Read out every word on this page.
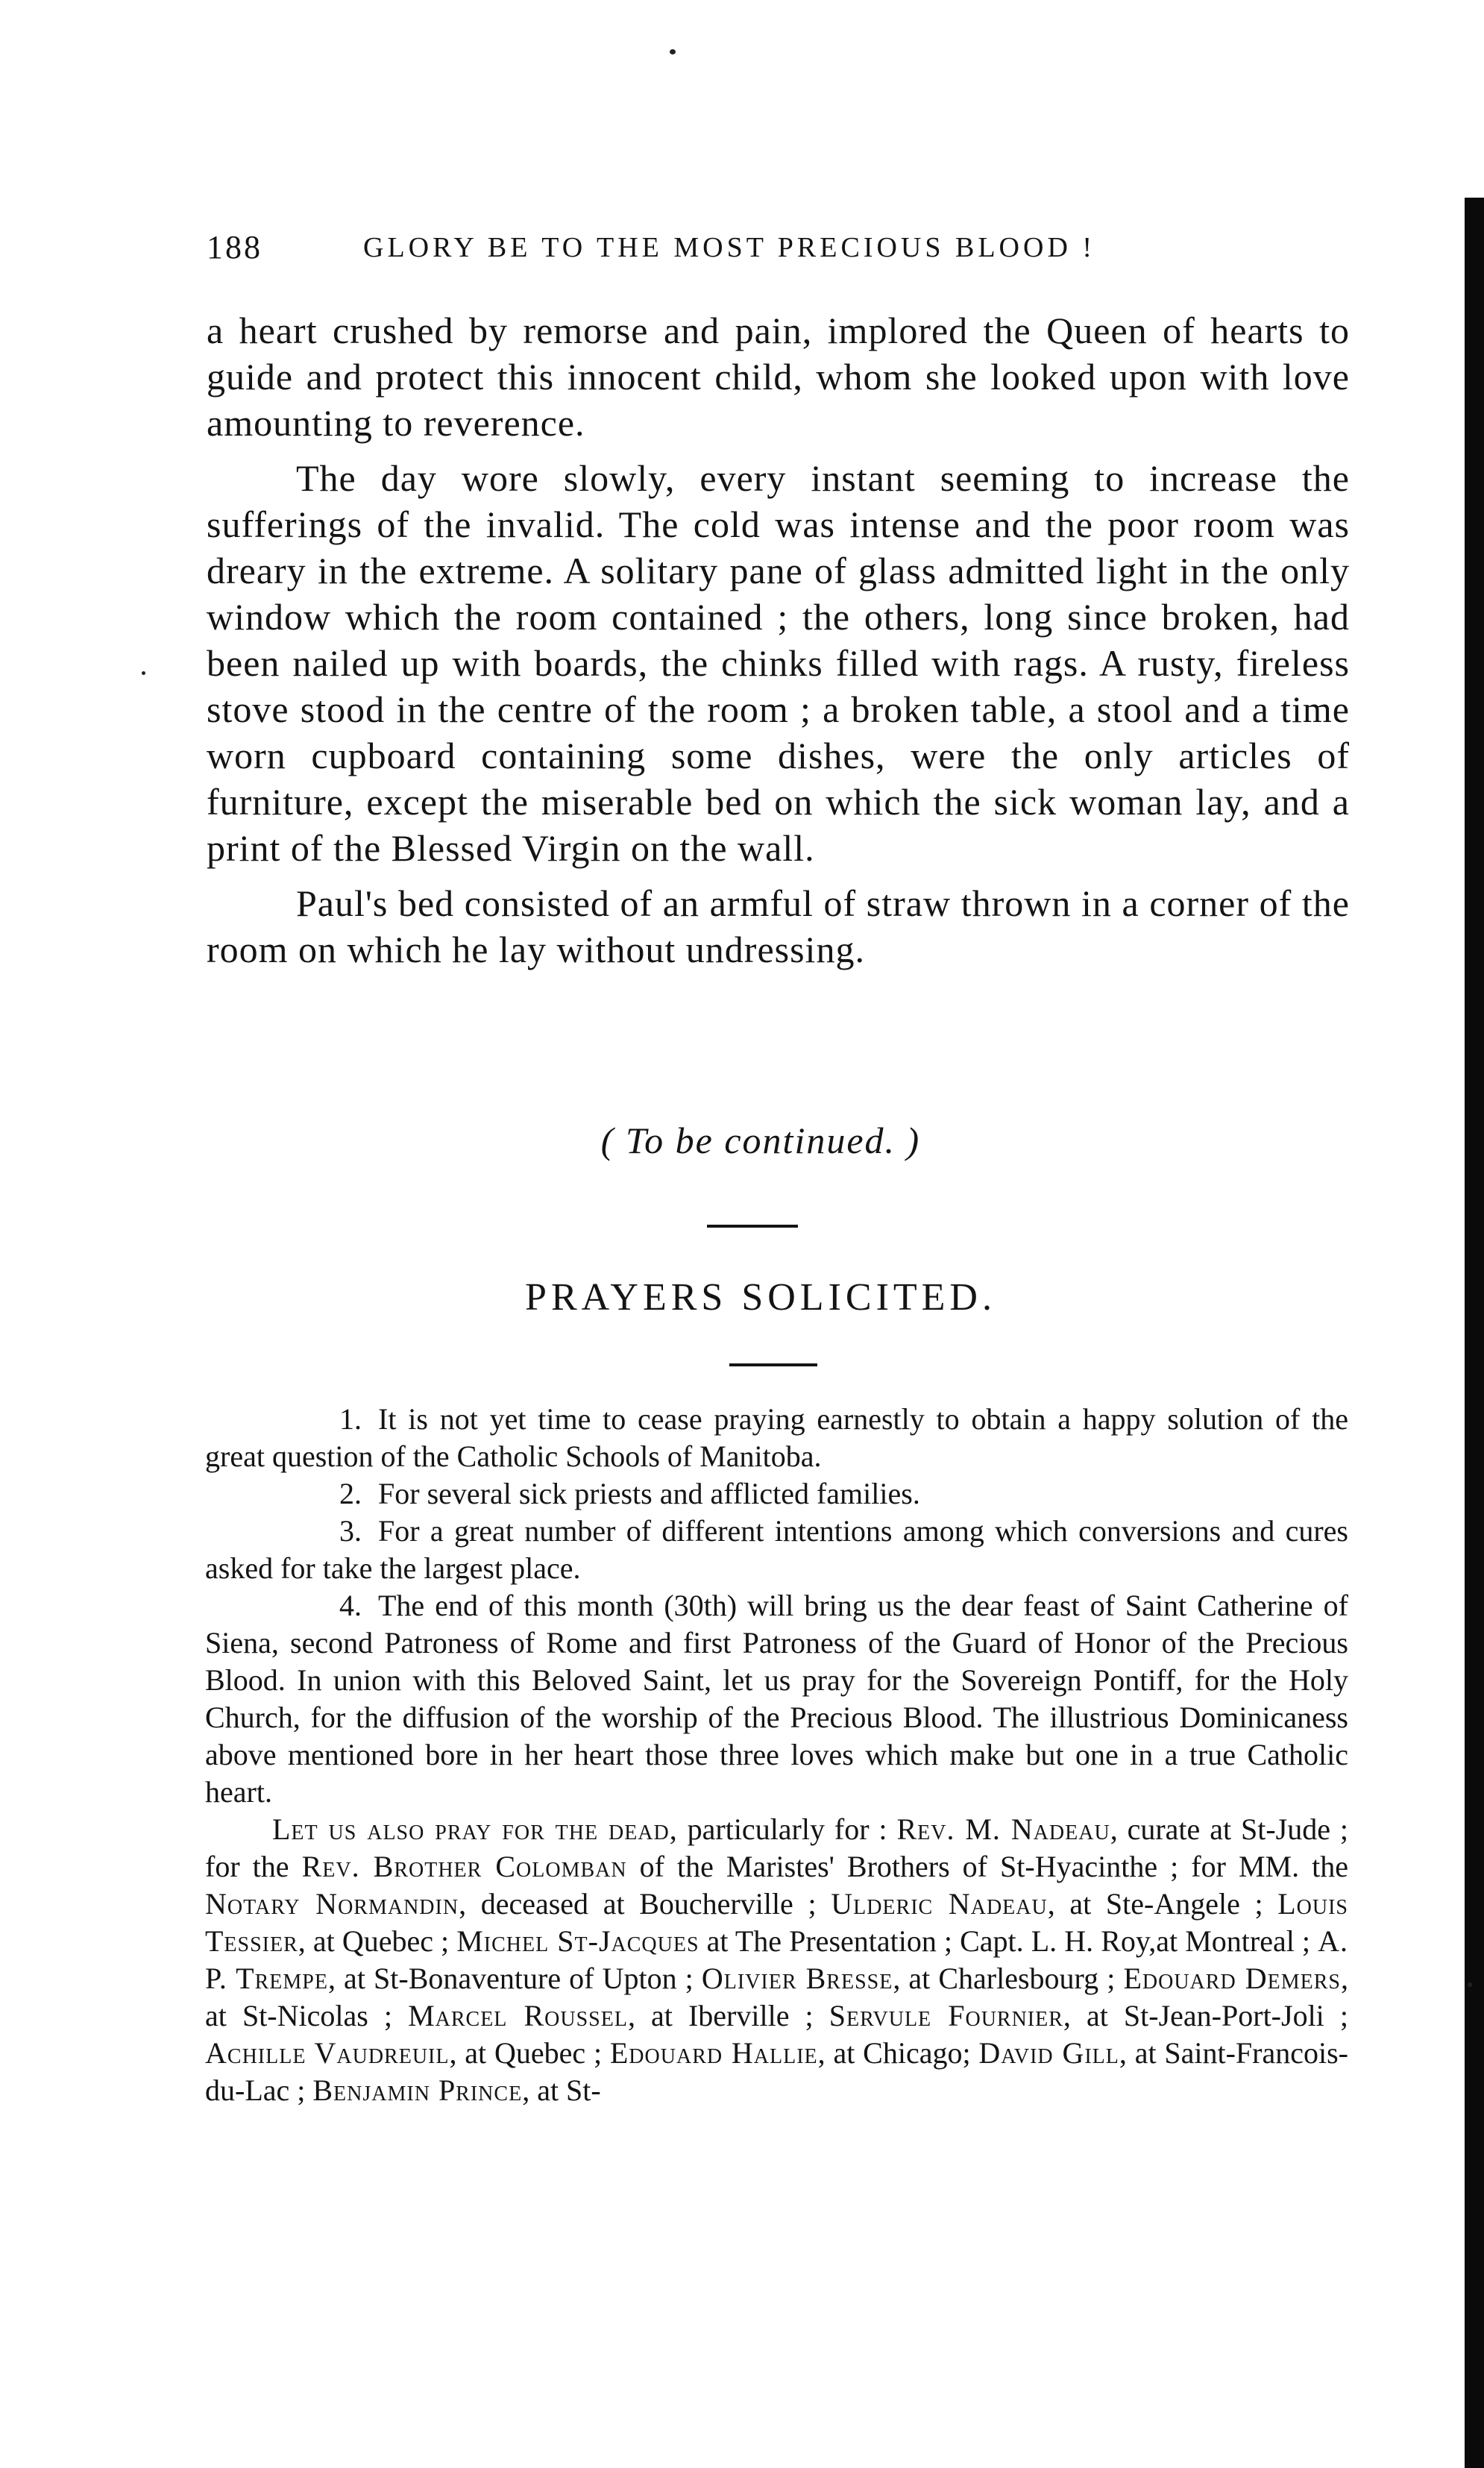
188	GLORY BE TO THE MOST PRECIOUS BLOOD !

a heart crushed by remorse and pain, implored the Queen of hearts to guide and protect this innocent child, whom she looked upon with love amounting to reverence.

The day wore slowly, every instant seeming to increase the sufferings of the invalid. The cold was intense and the poor room was dreary in the extreme. A solitary pane of glass admitted light in the only window which the room contained ; the others, long since broken, had been nailed up with boards, the chinks filled with rags. A rusty, fireless stove stood in the centre of the room ; a broken table, a stool and a time worn cupboard containing some dishes, were the only articles of furniture, except the miserable bed on which the sick woman lay, and a print of the Blessed Virgin on the wall.

Paul's bed consisted of an armful of straw thrown in a corner of the room on which he lay without undressing.

( To be continued. )
PRAYERS SOLICITED.

1. It is not yet time to cease praying earnestly to obtain a happy solution of the great question of the Catholic Schools of Manitoba.

2. For several sick priests and afflicted families.

3. For a great number of different intentions among which conversions and cures asked for take the largest place.

4. The end of this month (30th) will bring us the dear feast of Saint Catherine of Siena, second Patroness of Rome and first Patroness of the Guard of Honor of the Precious Blood. In union with this Beloved Saint, let us pray for the Sovereign Pontiff, for the Holy Church, for the diffusion of the worship of the Precious Blood. The illustrious Dominicaness above mentioned bore in her heart those three loves which make but one in a true Catholic heart.

Let us also pray for the dead, particularly for : Rev. M. Nadeau, curate at St-Jude ; for the Rev. Brother Colomban of the Maristes' Brothers of St-Hyacinthe ; for MM. the Notary Normandin, deceased at Boucherville ; Ulderic Nadeau, at Ste-Angele ; Louis Tessier, at Quebec ; Michel St-Jacques at The Presentation ; Capt. L. H. Roy,at Montreal ; A. P. Trempe, at St-Bonaventure of Upton ; Olivier Bresse, at Charlesbourg ; Edouard Demers, at St-Nicolas ; Marcel Roussel, at Iberville ; Servule Fournier, at St-Jean-Port-Joli ; Achille Vaudreuil, at Quebec ; Edouard Hallie, at Chicago; David Gill, at Saint-Francois-du-Lac ; Benjamin Prince, at St-
